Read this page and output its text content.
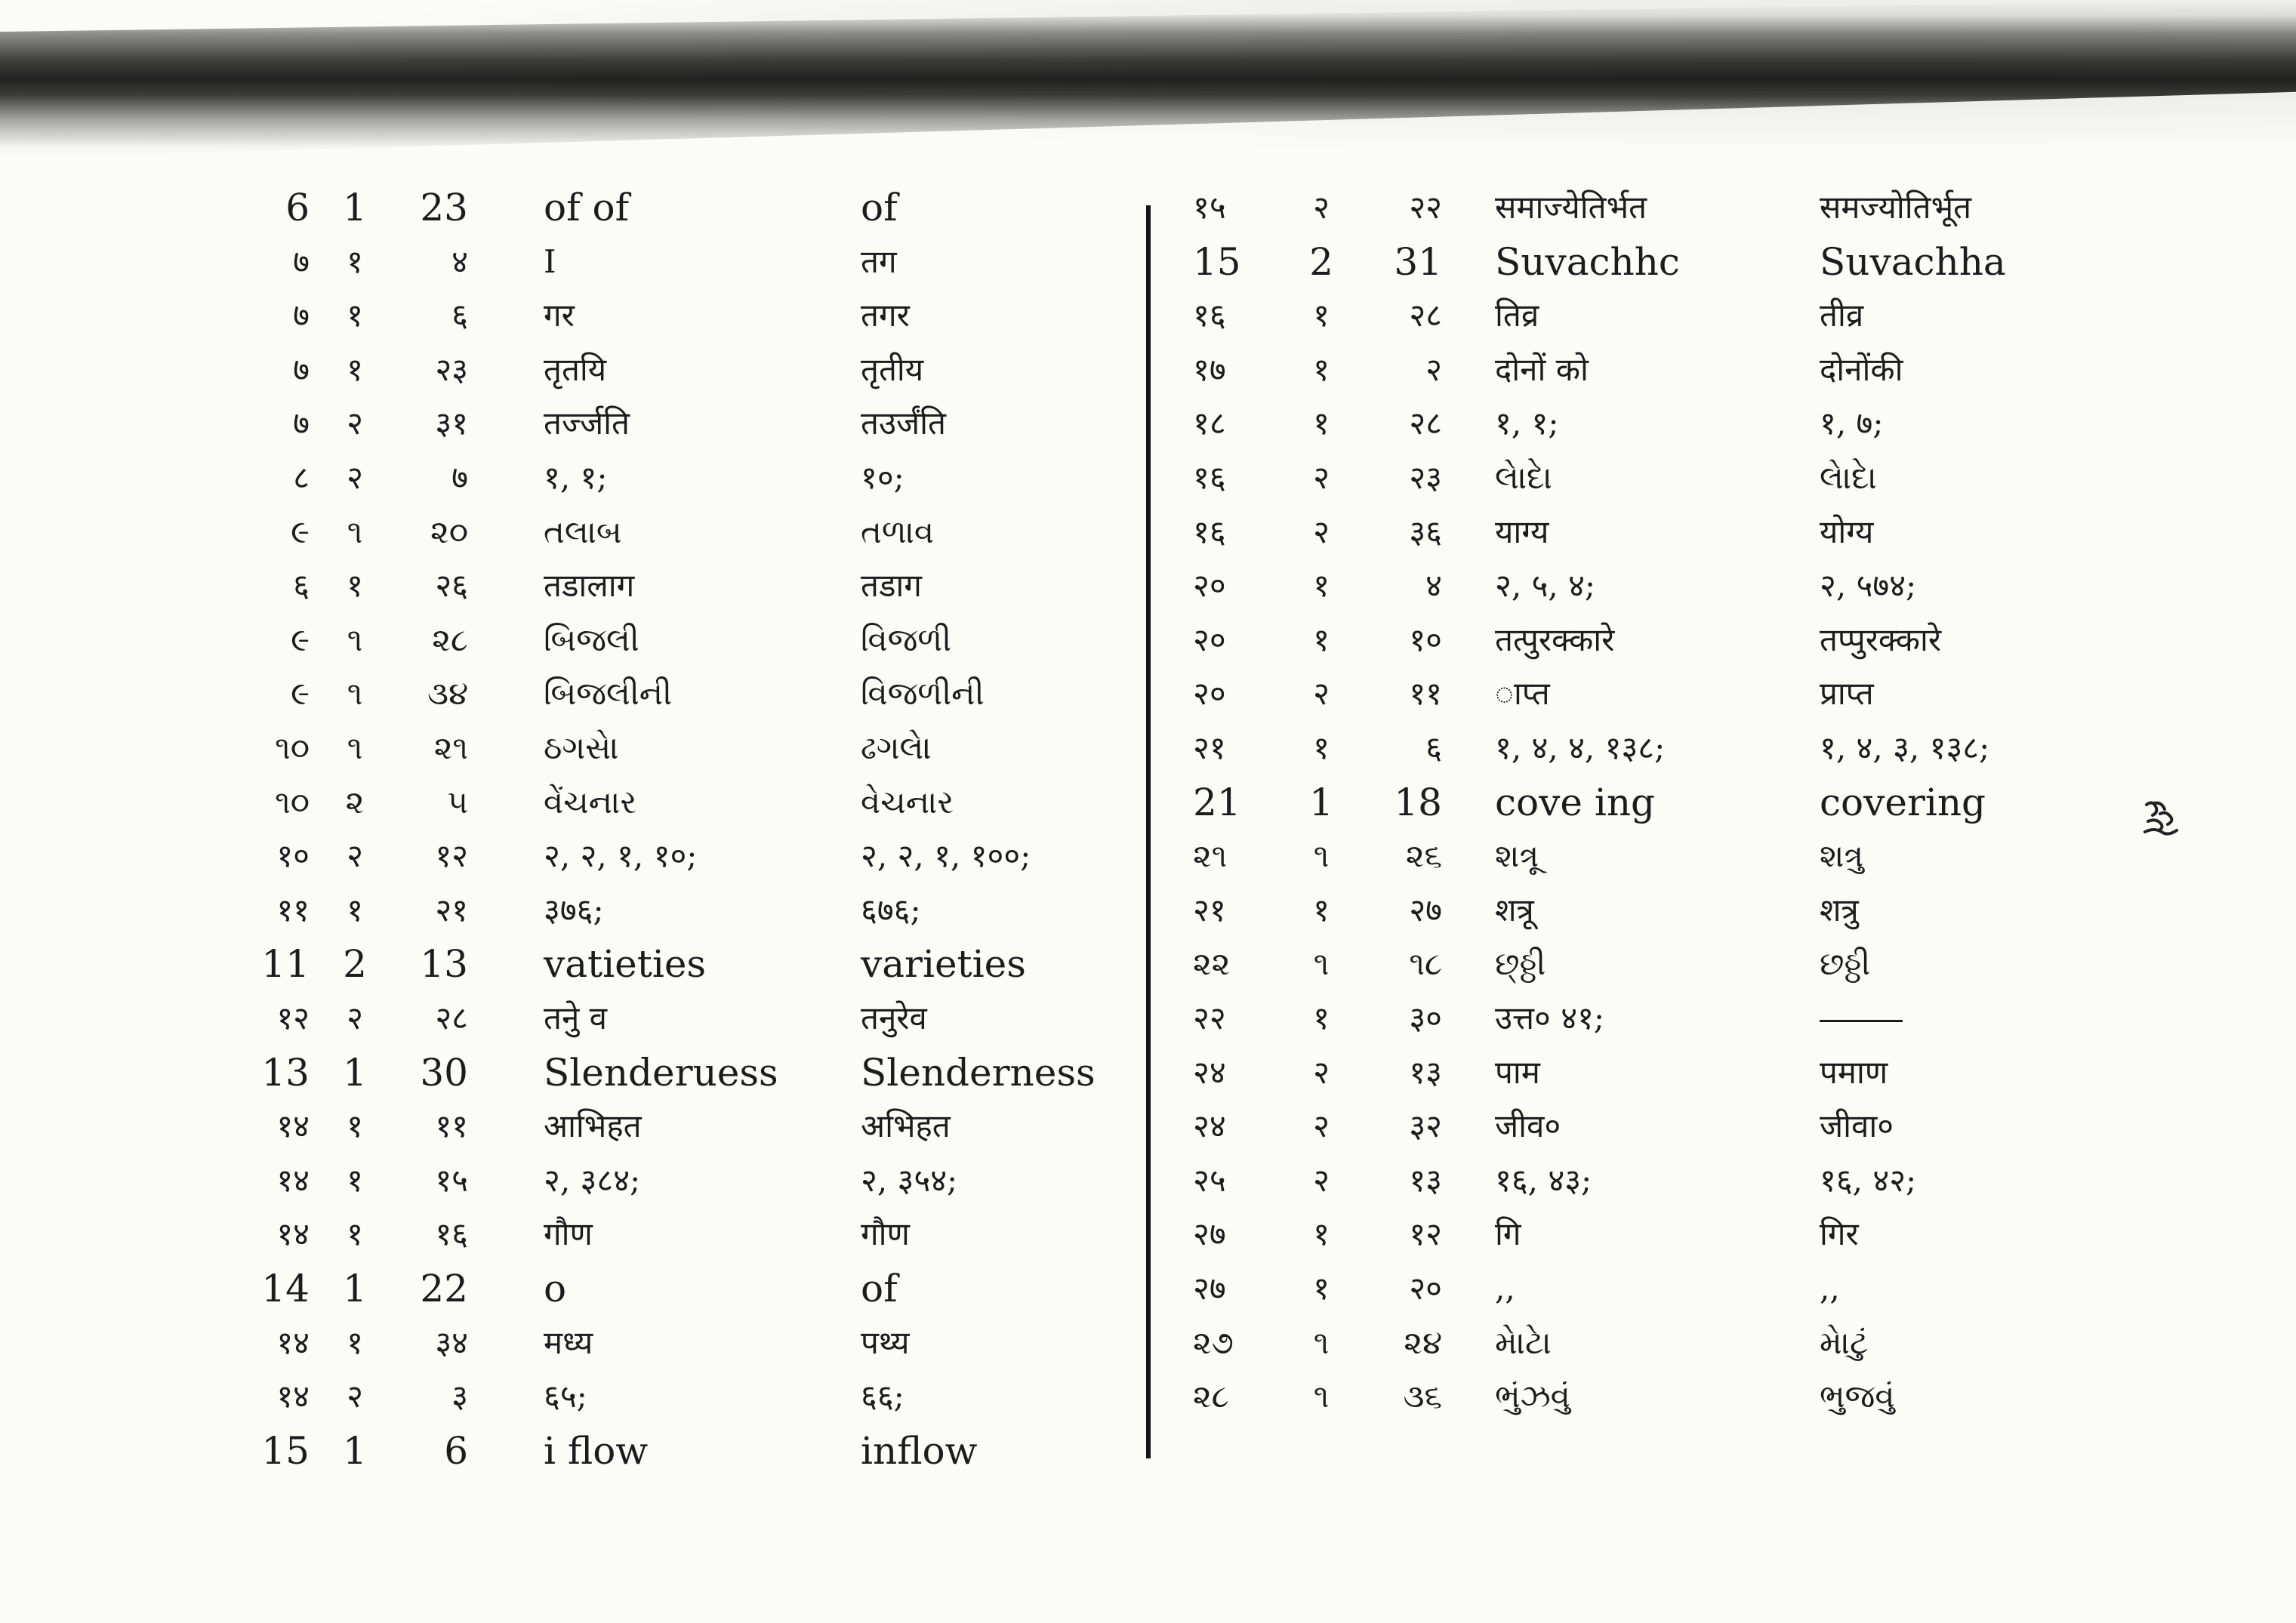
6 1	23 of of	of
७	१	४ I	तग
७	१	६ गर	तगर
७	१	२३ तृतयि	तृतीय
७	२	३१ तर्ज्जति	तउर्जंति
८	२	७ १, १;	१०;
૯	૧	૨૦ તલાબ	તળાવ
६	१	२६ तडालाग	तडाग
૯	૧	૨૮ બિજલી	વિજળી
૯	૧	૩૪ બિજલીની	વિજળીની
૧૦	૧	૨૧ ઠગસે।	ઢગલે।
૧૦	૨	૫ વેંચનાર	વેચનાર
१०	२	१२ २, २, १, १०;	२, २, १, १००;
११	१	२१ ३७६;	६७६;
11 2	13 vatieties	varieties
१२	२	२८ तनुे व	तनुरेव
13 1	30 Slenderuess	Slenderness
१४	१	११ आभिहत	अभिहत
१४	१	१५ २, ३८४;	२, ३५४;
१४	१	१६ गौण	गौण
14 1	22 o	of
१४	१	३४ मध्य	पथ्य
१४	२	३ ६५;	६६;
15 1	6 i flow	inflow
१५	२	२२ समाज्येतिर्भत	समज्योतिर्भूत
15	2	31 Suvachhc	Suvachha
१६	१	२८ तिव्र	तीव्र
१७	१	२ दोनों को	दोनोंकी
१८	१	२८ १, १;	१, ७;
१६	२	२३ લેાદેા	લેાદેા
१६	२	३६ याग्य	योग्य
२०	१	४ २, ५, ४;	२, ५७४;
२०	१	१० तत्पुरक्कारे	तप्पुरक्कारे
२०	२	११ ाप्त	प्राप्त
२१	१	६ १, ४, ४, १३८;	१, ४, ३, १३८;
21	1	18 cove ing	covering
૨૧	૧	૨૬ શત્રૂ	શત્રુ
२१	१	२७ शत्रू	शत्रु
૨૨	૧	૧૮ છ્ઠ્ઠી	છઠ્ઠી
२२	१	३० उत्त० ४१;
२४	२	१३ पाम	पमाण
२४	२	३२ जीव०	जीवा०
२५	२	१३ १६, ४३;	१६, ४२;
२७	१	१२ गि	गिर
२७	१	२० ,,	,,
૨૭	૧	૨૪ મેાટેા	મેાટું
૨૮	૧	૩૬ ભુંઝવું	ભુજવું
